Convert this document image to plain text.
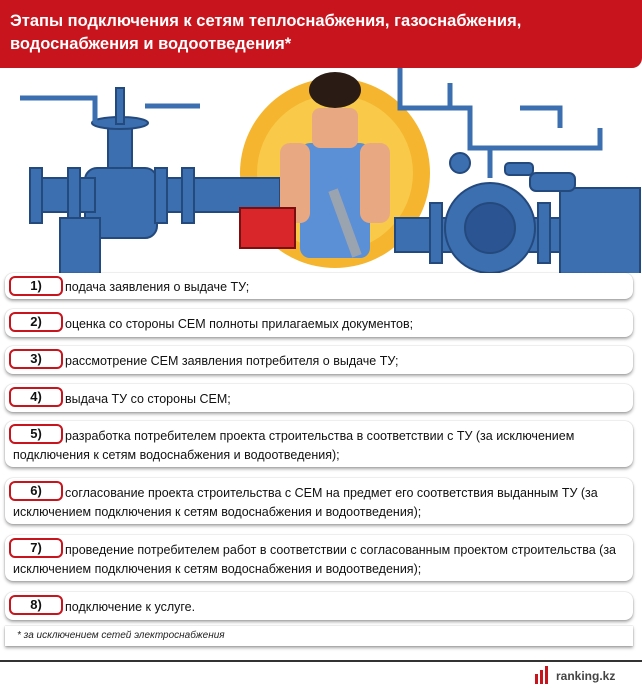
Этапы подключения к сетям теплоснабжения, газоснабжения, водоснабжения и водоотведения*
1)	подача заявления о выдаче ТУ;
2)	оценка со стороны СЕМ полноты прилагаемых документов;
3)	рассмотрение СЕМ заявления потребителя о выдаче ТУ;
4)	выдача ТУ со стороны СЕМ;
5)	разработка потребителем проекта строительства в соответствии с ТУ (за исключением подключения к сетям водоснабжения и водоотведения);
6)	согласование проекта строительства с СЕМ на предмет его соответствия выданным ТУ (за исключением подключения к сетям водоснабжения и водоотведения);
7)	проведение потребителем работ в соответствии с согласованным проектом строительства (за исключением подключения к сетям водоснабжения и водоотведения);
8)	подключение к услуге.
* за исключением сетей электроснабжения
ranking.kz
